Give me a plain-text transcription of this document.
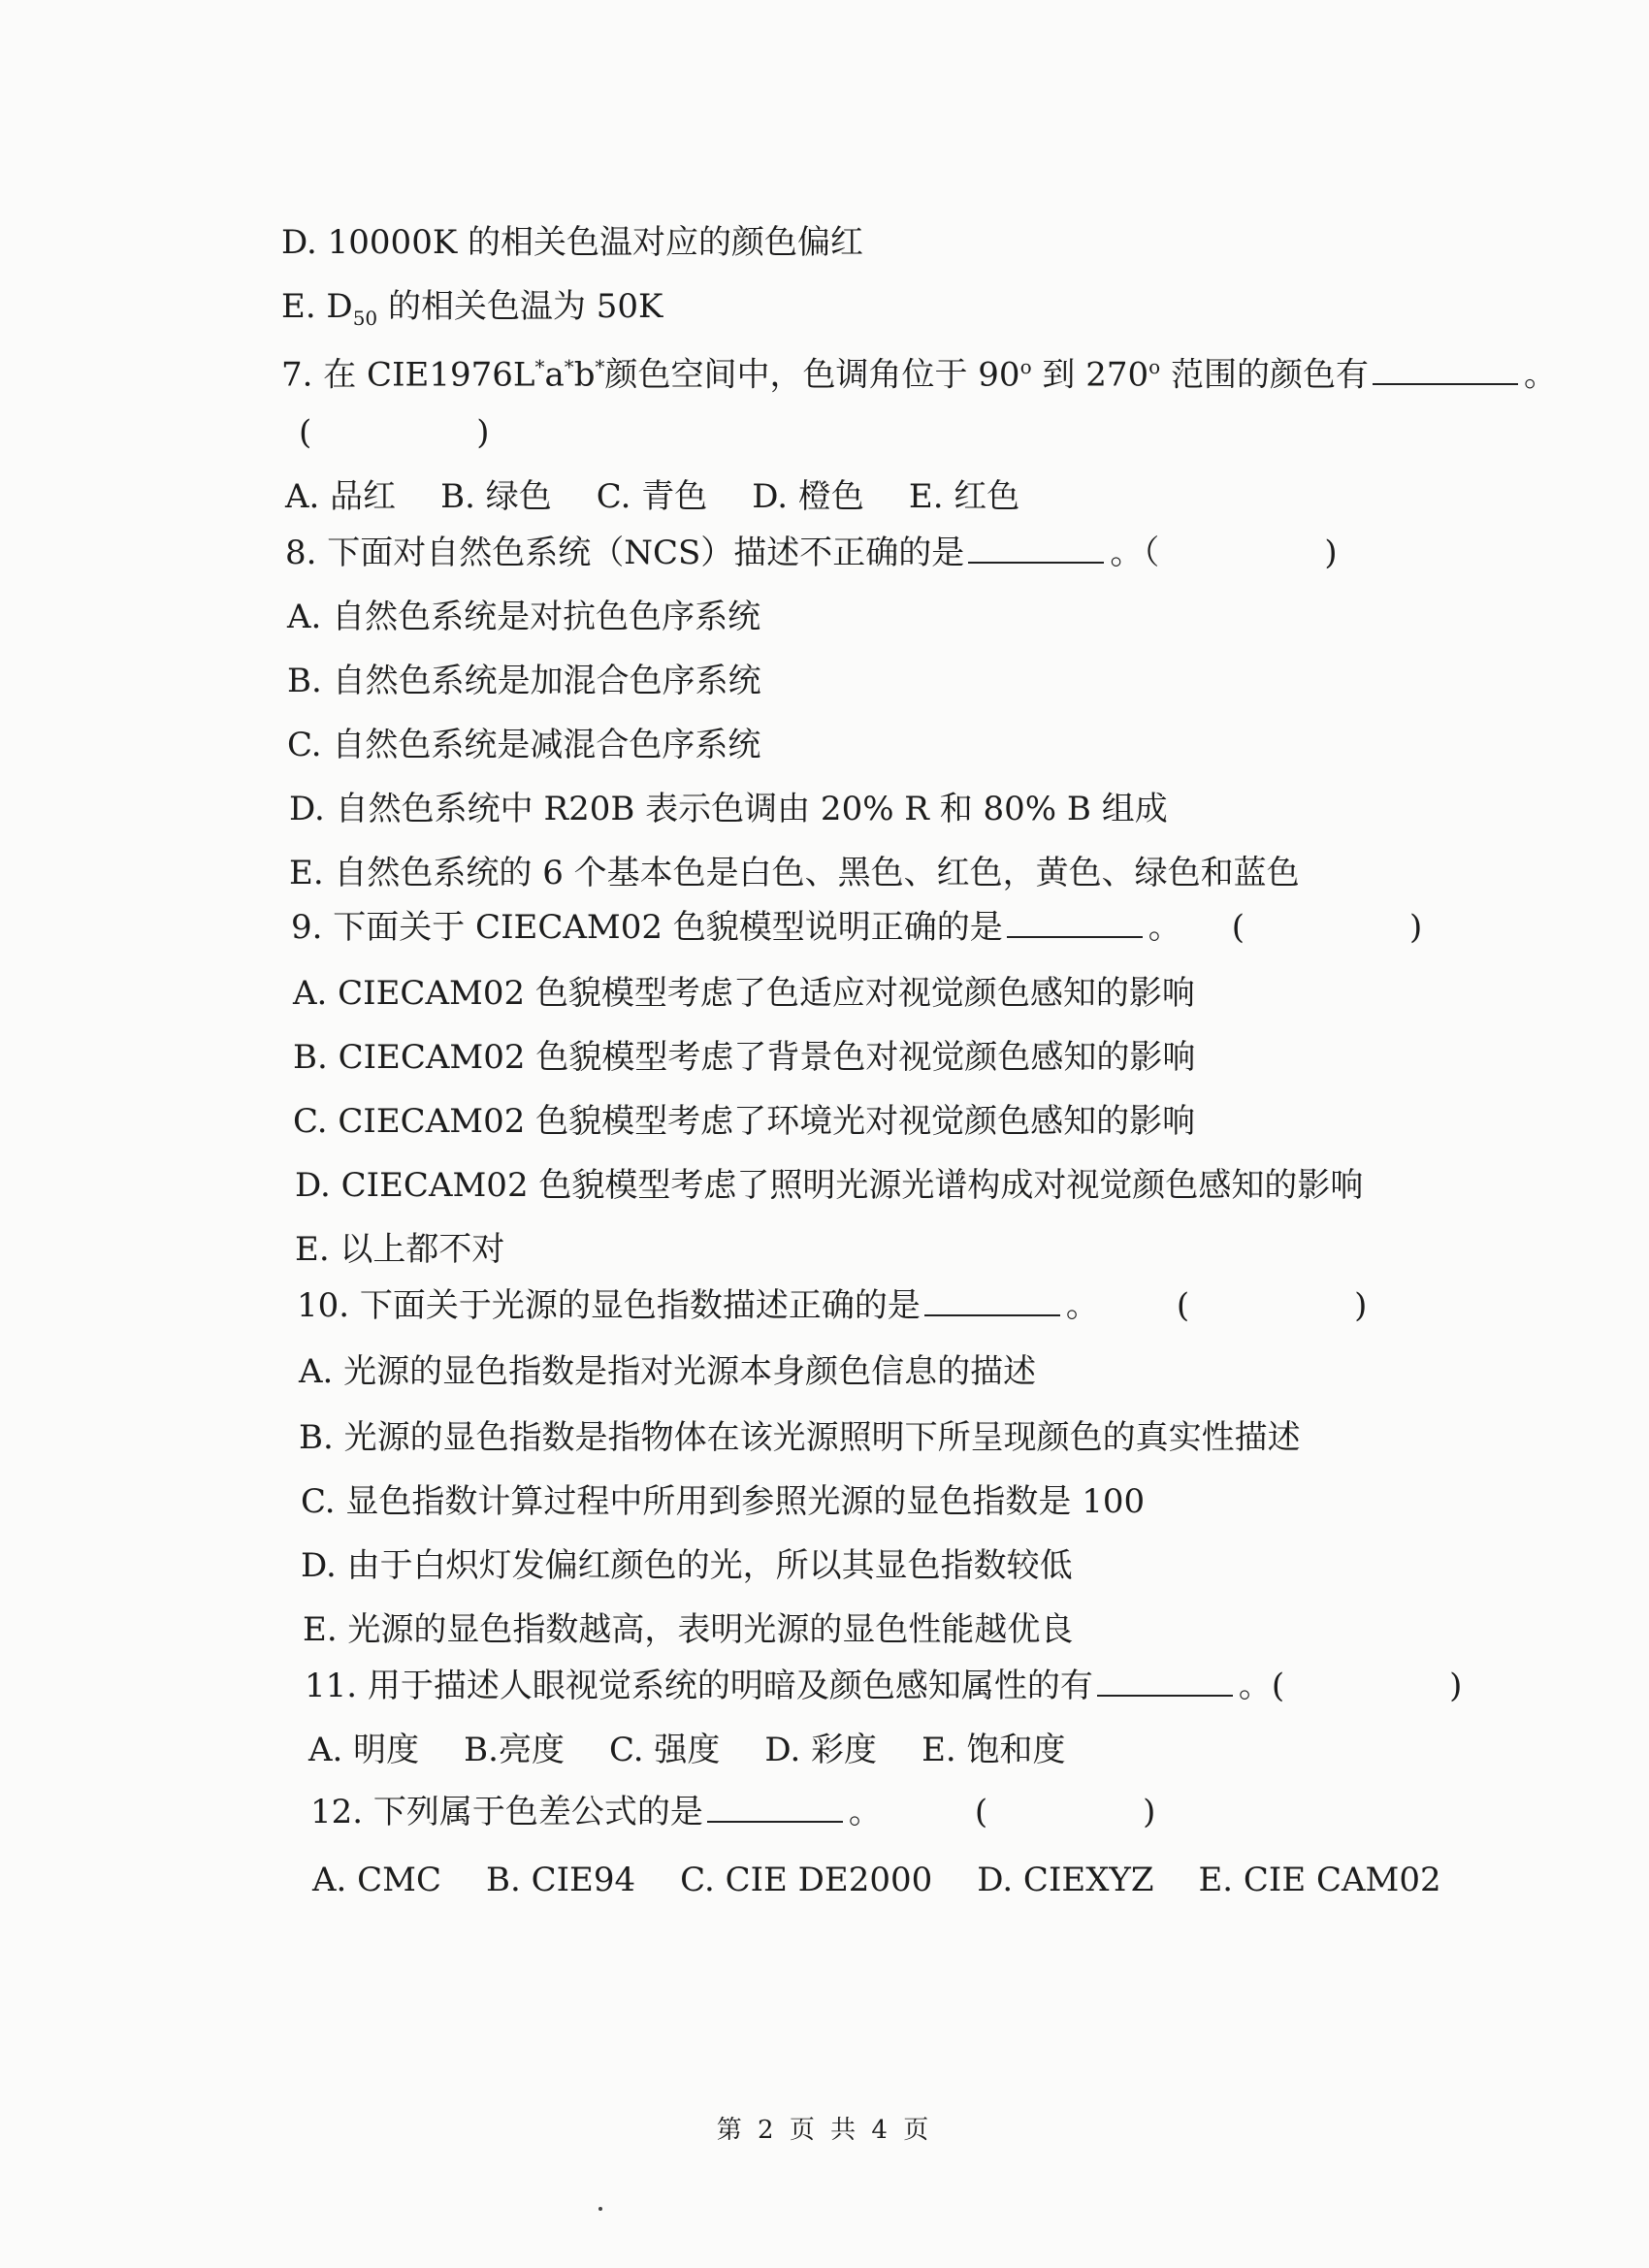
D. 10000K 的相关色温对应的颜色偏红
E. $D_{50}$ 的相关色温为 50K
7. 在 CIE1976L*a*b*颜色空间中，色调角位于 90$^o$ 到 270$^o$ 范围的颜色有	。
(	)
A. 品红 B. 绿色 C. 青色 D. 橙色 E. 红色
8. 下面对自然色系统（NCS）描述不正确的是	。（	)
A. 自然色系统是对抗色色序系统
B. 自然色系统是加混合色序系统
C. 自然色系统是减混合色序系统
D. 自然色系统中 R20B 表示色调由 20% R 和 80% B 组成
E. 自然色系统的 6 个基本色是白色、黑色、红色，黄色、绿色和蓝色
9. 下面关于 CIECAM02 色貌模型说明正确的是	。 (	)
A. CIECAM02 色貌模型考虑了色适应对视觉颜色感知的影响
B. CIECAM02 色貌模型考虑了背景色对视觉颜色感知的影响
C. CIECAM02 色貌模型考虑了环境光对视觉颜色感知的影响
D. CIECAM02 色貌模型考虑了照明光源光谱构成对视觉颜色感知的影响
E. 以上都不对
10. 下面关于光源的显色指数描述正确的是	。 (	)
A. 光源的显色指数是指对光源本身颜色信息的描述
B. 光源的显色指数是指物体在该光源照明下所呈现颜色的真实性描述
C. 显色指数计算过程中所用到参照光源的显色指数是 100
D. 由于白炽灯发偏红颜色的光，所以其显色指数较低
E. 光源的显色指数越高，表明光源的显色性能越优良
11. 用于描述人眼视觉系统的明暗及颜色感知属性的有	。(	)
A. 明度 B.亮度 C. 强度 D. 彩度 E. 饱和度
12. 下列属于色差公式的是	。	(	)
A. CMC B. CIE94 C. CIE DE2000 D. CIEXYZ E. CIE CAM02
第 2 页 共 4 页
